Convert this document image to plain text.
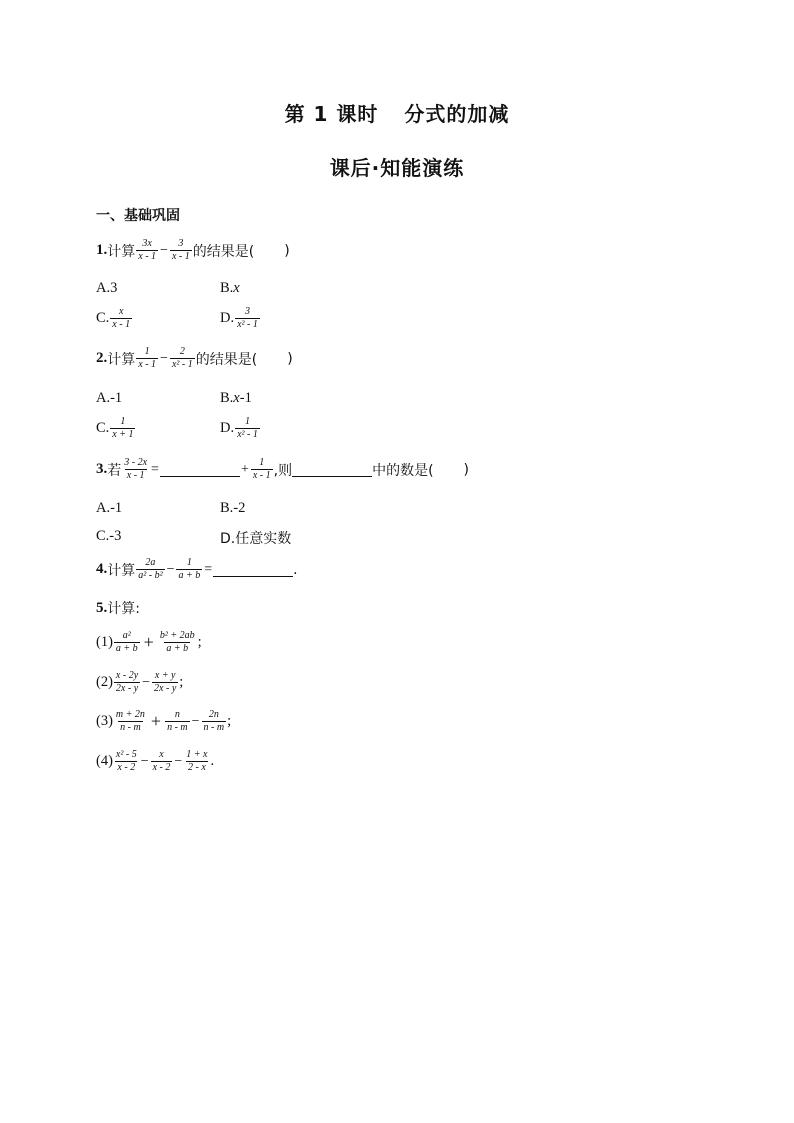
第 1 课时 分式的加减
课后·知能演练
一、基础巩固
1. 计算 $\frac{3x}{x - 1} - \frac{3}{x - 1}$ 的结果是( )
A.3	B. x
C. $\frac{x}{x - 1}$	D. $\frac{3}{\text{x² - 1}}$
2. 计算 $\frac{1}{x - 1} - \frac{2}{\text{x² - 1}}$ 的结果是( )
A.-1	B. x -1
C. $\frac{1}{x + 1}$	D. $\frac{1}{\text{x² - 1}}$
3. 若 $\frac{3 - 2x}{x - 1}$ =	+ $\frac{1}{x - 1}$ ,则	中的数是( )
A.-1	B.-2
C.-3	D.任意实数
4. 计算 $\frac{2a}{\text{a² - b²}} - \frac{1}{a + b}$ =	.
5. 计算:
$(1) \frac{\text{a²}}{a + b} + \frac{\text{b² + 2ab}}{a + b}$ ;
$(2) \frac{x - 2y}{2x - y} - \frac{x + y}{2x - y}$ ;
$(3) \frac{m + 2n}{n - m} + \frac{n}{n - m} - \frac{2n}{n - m}$ ;
$(4) \frac{\text{x² - 5}}{x - 2} - \frac{x}{x - 2} - \frac{1 + x}{2 - x}$ .
